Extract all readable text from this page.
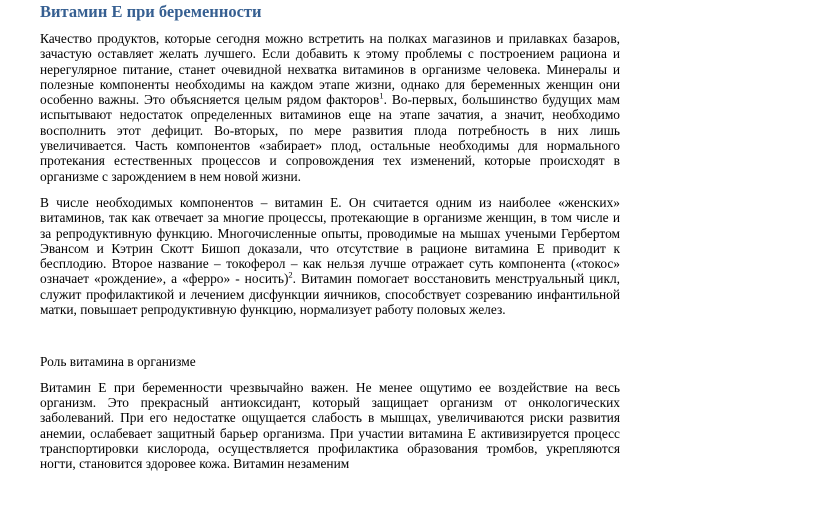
Витамин Е при беременности

Качество продуктов, которые сегодня можно встретить на полках магазинов и прилавках базаров, зачастую оставляет желать лучшего. Если добавить к этому проблемы с построением рациона и нерегулярное питание, станет очевидной нехватка витаминов в организме человека. Минералы и полезные компоненты необходимы на каждом этапе жизни, однако для беременных женщин они особенно важны. Это объясняется целым рядом факторов$^1$. Во-первых, большинство будущих мам испытывают недостаток определенных витаминов еще на этапе зачатия, а значит, необходимо восполнить этот дефицит. Во-вторых, по мере развития плода потребность в них лишь увеличивается. Часть компонентов «забирает» плод, остальные необходимы для нормального протекания естественных процессов и сопровождения тех изменений, которые происходят в организме с зарождением в нем новой жизни.

В числе необходимых компонентов – витамин Е. Он считается одним из наиболее «женских» витаминов, так как отвечает за многие процессы, протекающие в организме женщин, в том числе и за репродуктивную функцию. Многочисленные опыты, проводимые на мышах учеными Гербертом Эвансом и Кэтрин Скотт Бишоп доказали, что отсутствие в рационе витамина Е приводит к бесплодию. Второе название – токоферол – как нельзя лучше отражает суть компонента («токос» означает «рождение», а «ферро» - носить)$^2$. Витамин помогает восстановить менструальный цикл, служит профилактикой и лечением дисфункции яичников, способствует созреванию инфантильной матки, повышает репродуктивную функцию, нормализует работу половых желез.

Роль витамина в организме

Витамин Е при беременности чрезвычайно важен. Не менее ощутимо ее воздействие на весь организм. Это прекрасный антиоксидант, который защищает организм от онкологических заболеваний. При его недостатке ощущается слабость в мышцах, увеличиваются риски развития анемии, ослабевает защитный барьер организма. При участии витамина Е активизируется процесс транспортировки кислорода, осуществляется профилактика образования тромбов, укрепляются ногти, становится здоровее кожа. Витамин незаменим
